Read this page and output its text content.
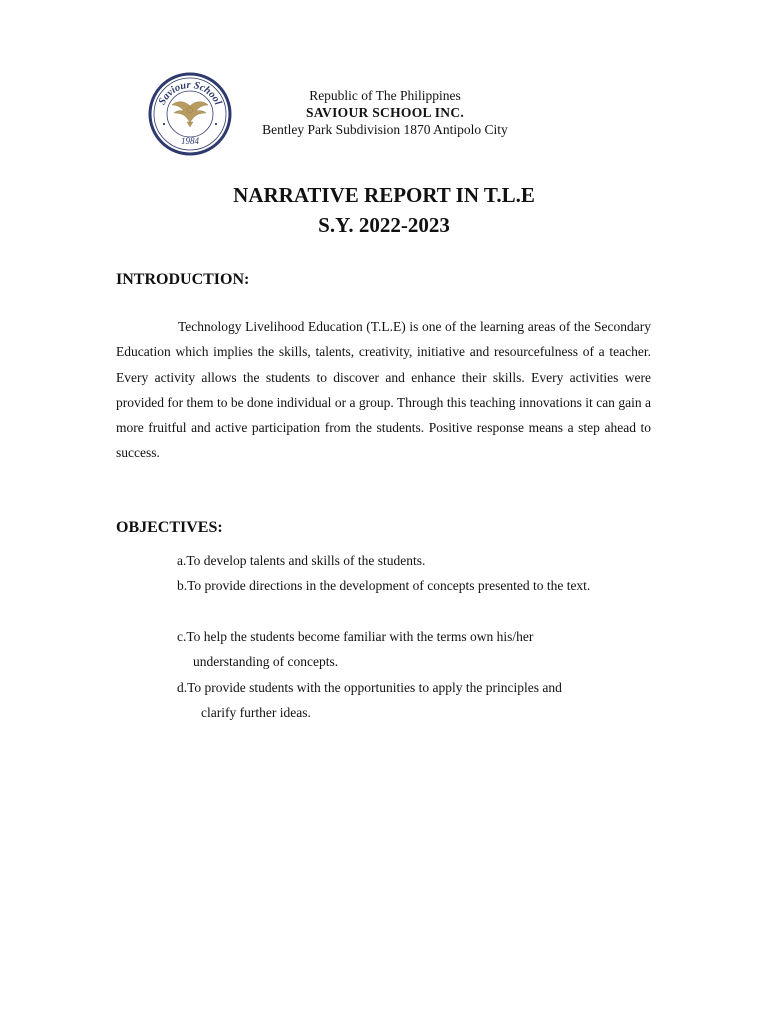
Saviour School
1984
Republic of The Philippines
SAVIOUR SCHOOL INC.
Bentley Park Subdivision 1870 Antipolo City
NARRATIVE REPORT IN T.L.E
S.Y. 2022-2023
INTRODUCTION:
Technology Livelihood Education (T.L.E) is one of the learning areas of the Secondary Education which implies the skills, talents, creativity, initiative and resourcefulness of a teacher. Every activity allows the students to discover and enhance their skills. Every activities were provided for them to be done individual or a group. Through this teaching innovations it can gain a more fruitful and active participation from the students. Positive response means a step ahead to success.
OBJECTIVES:
a.To develop talents and skills of the students.
b.To provide directions in the development of concepts presented to the text.
c.To help the students become familiar with the terms own his/her
understanding of concepts.
d.To provide students with the opportunities to apply the principles and
clarify further ideas.
